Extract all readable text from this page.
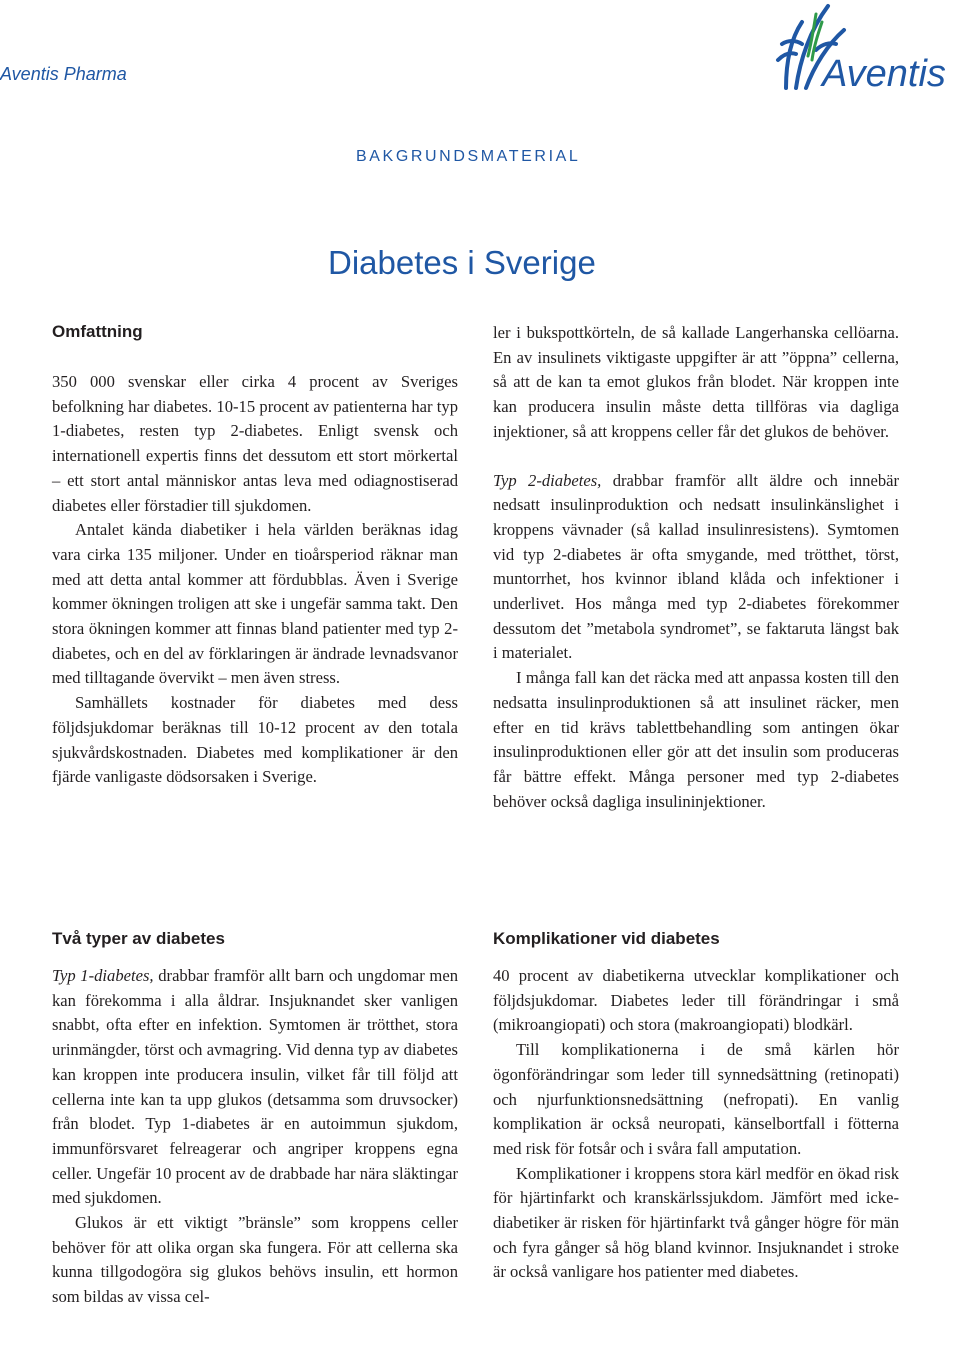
Aventis Pharma	Aventis
BAKGRUNDSMATERIAL
Diabetes i Sverige
Omfattning

350 000 svenskar eller cirka 4 procent av Sveriges befolkning har diabetes. 10-15 procent av patienterna har typ 1-diabetes, resten typ 2-diabetes. Enligt svensk och internationell expertis finns det dessutom ett stort mörkertal – ett stort antal människor antas leva med odiagnostiserad diabetes eller förstadier till sjukdomen.

Antalet kända diabetiker i hela världen beräknas idag vara cirka 135 miljoner. Under en tioårsperiod räknar man med att detta antal kommer att fördubblas. Även i Sverige kommer ökningen troligen att ske i ungefär samma takt. Den stora ökningen kommer att finnas bland patienter med typ 2-diabetes, och en del av förklaringen är ändrade levnadsvanor med tilltagande övervikt – men även stress.

Samhällets kostnader för diabetes med dess följdsjukdomar beräknas till 10-12 procent av den totala sjukvårdskostnaden. Diabetes med komplikationer är den fjärde vanligaste dödsorsaken i Sverige.

ler i bukspottkörteln, de så kallade Langerhanska cellöarna. En av insulinets viktigaste uppgifter är att ”öppna” cellerna, så att de kan ta emot glukos från blodet. När kroppen inte kan producera insulin måste detta tillföras via dagliga injektioner, så att kroppens celler får det glukos de behöver.

Typ 2-diabetes, drabbar framför allt äldre och innebär nedsatt insulinproduktion och nedsatt insulinkänslighet i kroppens vävnader (så kallad insulinresistens). Symtomen vid typ 2-diabetes är ofta smygande, med trötthet, törst, muntorrhet, hos kvinnor ibland klåda och infektioner i underlivet. Hos många med typ 2-diabetes förekommer dessutom det ”metabola syndromet”, se faktaruta längst bak i materialet.

I många fall kan det räcka med att anpassa kosten till den nedsatta insulinproduktionen så att insulinet räcker, men efter en tid krävs tablettbehandling som antingen ökar insulinproduktionen eller gör att det insulin som produceras får bättre effekt. Många personer med typ 2-diabetes behöver också dagliga insulininjektioner.

Två typer av diabetes

Typ 1-diabetes, drabbar framför allt barn och ungdomar men kan förekomma i alla åldrar. Insjuknandet sker vanligen snabbt, ofta efter en infektion. Symtomen är trötthet, stora urinmängder, törst och avmagring. Vid denna typ av diabetes kan kroppen inte producera insulin, vilket får till följd att cellerna inte kan ta upp glukos (detsamma som druvsocker) från blodet. Typ 1-diabetes är en autoimmun sjukdom, immunförsvaret felreagerar och angriper kroppens egna celler. Ungefär 10 procent av de drabbade har nära släktingar med sjukdomen.

Glukos är ett viktigt ”bränsle” som kroppens celler behöver för att olika organ ska fungera. För att cellerna ska kunna tillgodogöra sig glukos behövs insulin, ett hormon som bildas av vissa cel-

Komplikationer vid diabetes

40 procent av diabetikerna utvecklar komplikationer och följdsjukdomar. Diabetes leder till förändringar i små (mikroangiopati) och stora (makroangiopati) blodkärl.

Till komplikationerna i de små kärlen hör ögonförändringar som leder till synnedsättning (retinopati) och njurfunktionsnedsättning (nefropati). En vanlig komplikation är också neuropati, känselbortfall i fötterna med risk för fotsår och i svåra fall amputation.

Komplikationer i kroppens stora kärl medför en ökad risk för hjärtinfarkt och kranskärlssjukdom. Jämfört med icke-diabetiker är risken för hjärtinfarkt två gånger högre för män och fyra gånger så hög bland kvinnor. Insjuknandet i stroke är också vanligare hos patienter med diabetes.
